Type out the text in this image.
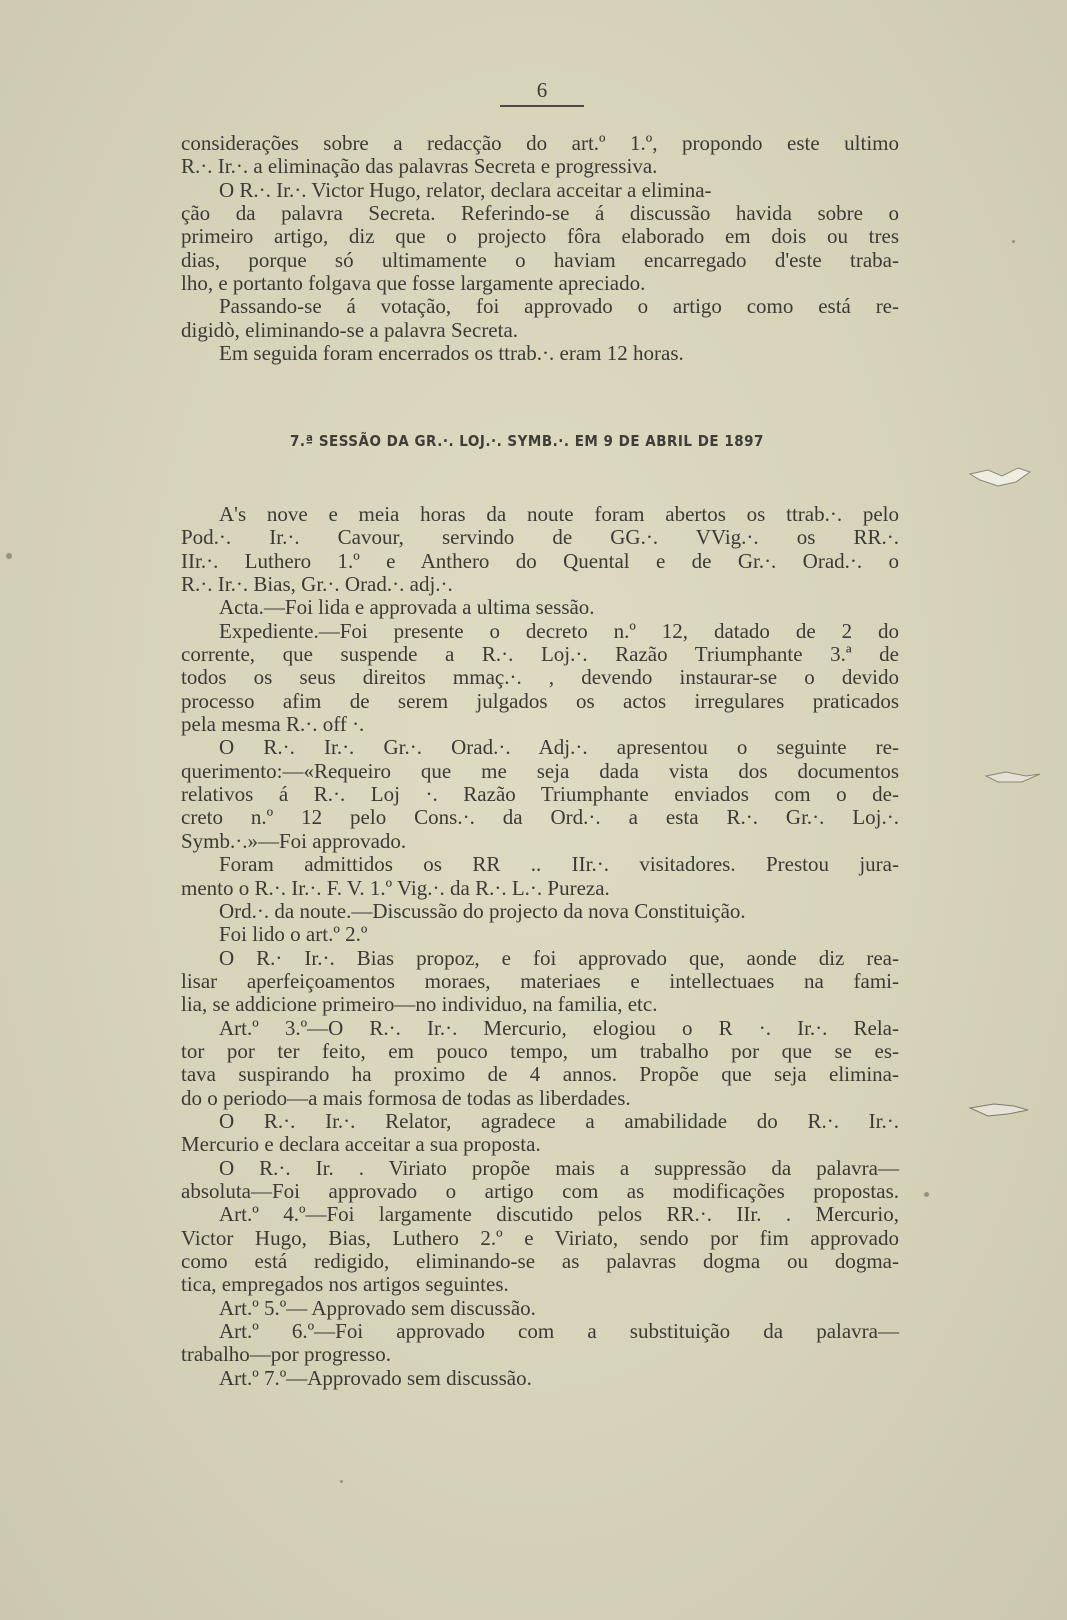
6
considerações sobre a redacção do art.º 1.º, propondo este ultimo
R.·. Ir.·. a eliminação das palavras Secreta e progressiva.
O R.·. Ir.·. Victor Hugo, relator, declara acceitar a elimina-
ção da palavra Secreta. Referindo-se á discussão havida sobre o
primeiro artigo, diz que o projecto fôra elaborado em dois ou tres
dias, porque só ultimamente o haviam encarregado d'este traba-
lho, e portanto folgava que fosse largamente apreciado.
Passando-se á votação, foi approvado o artigo como está re-
digidò, eliminando-se a palavra Secreta.
Em seguida foram encerrados os ttrab.·. eram 12 horas.
7.ª SESSÃO DA GR.·. LOJ.·. SYMB.·. EM 9 DE ABRIL DE 1897
A's nove e meia horas da noute foram abertos os ttrab.·. pelo
Pod.·. Ir.·. Cavour, servindo de GG.·. VVig.·. os RR.·.
IIr.·. Luthero 1.º e Anthero do Quental e de Gr.·. Orad.·. o
R.·. Ir.·. Bias, Gr.·. Orad.·. adj.·.
Acta.—Foi lida e approvada a ultima sessão.
Expediente.—Foi presente o decreto n.º 12, datado de 2 do
corrente, que suspende a R.·. Loj.·. Razão Triumphante 3.ª de
todos os seus direitos mmaç.·. , devendo instaurar-se o devido
processo afim de serem julgados os actos irregulares praticados
pela mesma R.·. off ·.
O R.·. Ir.·. Gr.·. Orad.·. Adj.·. apresentou o seguinte re-
querimento:—«Requeiro que me seja dada vista dos documentos
relativos á R.·. Loj ·. Razão Triumphante enviados com o de-
creto n.º 12 pelo Cons.·. da Ord.·. a esta R.·. Gr.·. Loj.·.
Symb.·.»—Foi approvado.
Foram admittidos os RR .. IIr.·. visitadores. Prestou jura-
mento o R.·. Ir.·. F. V. 1.º Vig.·. da R.·. L.·. Pureza.
Ord.·. da noute.—Discussão do projecto da nova Constituição.
Foi lido o art.º 2.º
O R.· Ir.·. Bias propoz, e foi approvado que, aonde diz rea-
lisar aperfeiçoamentos moraes, materiaes e intellectuaes na fami-
lia, se addicione primeiro—no individuo, na familia, etc.
Art.º 3.º—O R.·. Ir.·. Mercurio, elogiou o R ·. Ir.·. Rela-
tor por ter feito, em pouco tempo, um trabalho por que se es-
tava suspirando ha proximo de 4 annos. Propõe que seja elimina-
do o periodo—a mais formosa de todas as liberdades.
O R.·. Ir.·. Relator, agradece a amabilidade do R.·. Ir.·.
Mercurio e declara acceitar a sua proposta.
O R.·. Ir. . Viriato propõe mais a suppressão da palavra—
absoluta—Foi approvado o artigo com as modificações propostas.
Art.º 4.º—Foi largamente discutido pelos RR.·. IIr. . Mercurio,
Victor Hugo, Bias, Luthero 2.º e Viriato, sendo por fim approvado
como está redigido, eliminando-se as palavras dogma ou dogma-
tica, empregados nos artigos seguintes.
Art.º 5.º— Approvado sem discussão.
Art.º 6.º—Foi approvado com a substituição da palavra—
trabalho—por progresso.
Art.º 7.º—Approvado sem discussão.
